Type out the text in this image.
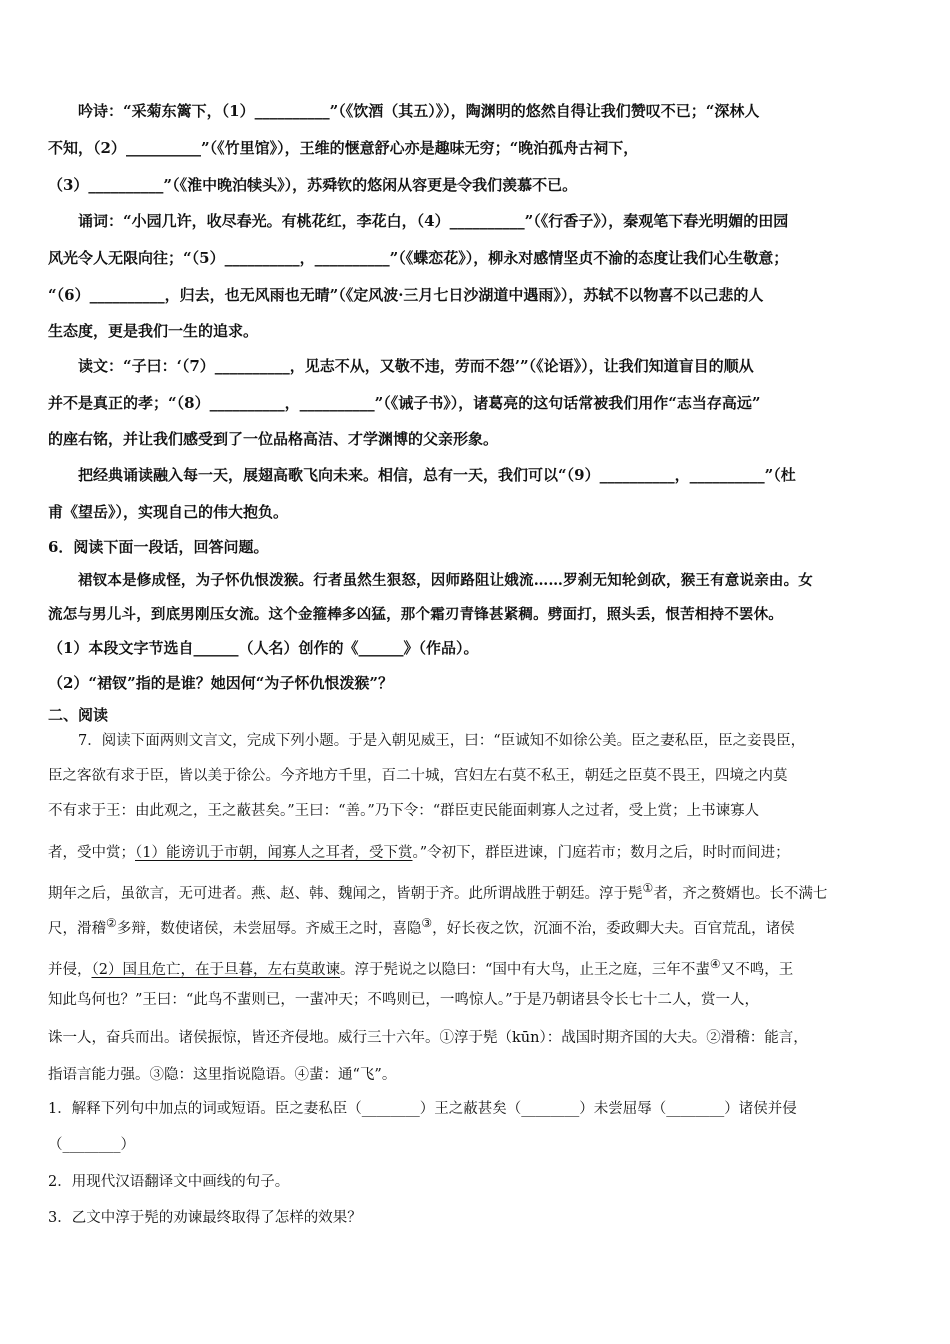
吟诗：“采菊东篱下，（1）__________”（《饮酒（其五）》），陶渊明的悠然自得让我们赞叹不已；“深林人
不知，（2）__________”（《竹里馆》），王维的惬意舒心亦是趣味无穷；“晚泊孤舟古祠下，
（3）__________”（《淮中晚泊犊头》），苏舜钦的悠闲从容更是令我们羡慕不已。
诵词：“小园几许，收尽春光。有桃花红，李花白，（4）__________”（《行香子》），秦观笔下春光明媚的田园
风光令人无限向往；“（5）__________，__________”（《蝶恋花》），柳永对感情坚贞不渝的态度让我们心生敬意；
“（6）__________，归去，也无风雨也无晴”（《定风波·三月七日沙湖道中遇雨》），苏轼不以物喜不以己悲的人
生态度，更是我们一生的追求。
读文：“子曰：‘（7）__________，见志不从，又敬不违，劳而不怨’”（《论语》），让我们知道盲目的顺从
并不是真正的孝；“（8）__________，__________”（《诫子书》），诸葛亮的这句话常被我们用作“志当存高远”
的座右铭，并让我们感受到了一位品格高洁、才学渊博的父亲形象。
把经典诵读融入每一天，展翅高歌飞向未来。相信，总有一天，我们可以“（9）__________，__________”（杜
甫《望岳》），实现自己的伟大抱负。
6．阅读下面一段话，回答问题。
裙钗本是修成怪，为子怀仇恨泼猴。行者虽然生狠怒，因师路阻让娥流……罗刹无知轮剑砍，猴王有意说亲由。女
流怎与男儿斗，到底男刚压女流。这个金箍棒多凶猛，那个霜刃青锋甚紧稠。劈面打，照头丢，恨苦相持不罢休。
（1）本段文字节选自______（人名）创作的《______》（作品）。
（2）“裙钗”指的是谁？她因何“为子怀仇恨泼猴”？
二、阅读
7．阅读下面两则文言文，完成下列小题。于是入朝见威王，曰：“臣诚知不如徐公美。臣之妻私臣，臣之妾畏臣，
臣之客欲有求于臣，皆以美于徐公。今齐地方千里，百二十城，宫妇左右莫不私王，朝廷之臣莫不畏王，四境之内莫
不有求于王：由此观之，王之蔽甚矣。”王曰：“善。”乃下令：“群臣吏民能面刺寡人之过者，受上赏；上书谏寡人
者，受中赏；（1）能谤讥于市朝，闻寡人之耳者，受下赏。”令初下，群臣进谏，门庭若市；数月之后，时时而间进；
期年之后，虽欲言，无可进者。燕、赵、韩、魏闻之，皆朝于齐。此所谓战胜于朝廷。淳于髡①者，齐之赘婿也。长不满七
尺，滑稽②多辩，数使诸侯，未尝屈辱。齐威王之时，喜隐③，好长夜之饮，沉湎不治，委政卿大夫。百官荒乱，诸侯
并侵，（2）国且危亡，在于旦暮，左右莫敢谏。淳于髡说之以隐曰：“国中有大鸟，止王之庭，三年不蜚④又不鸣，王
知此鸟何也？”王曰：“此鸟不蜚则已，一蜚冲天；不鸣则已，一鸣惊人。”于是乃朝诸县令长七十二人，赏一人，
诛一人，奋兵而出。诸侯振惊，皆还齐侵地。威行三十六年。①淳于髡（kūn）：战国时期齐国的大夫。②滑稽：能言，
指语言能力强。③隐：这里指说隐语。④蜚：通“飞”。
1．解释下列句中加点的词或短语。臣之妻私臣（________）王之蔽甚矣（________）未尝屈辱（________）诸侯并侵
（________）
2．用现代汉语翻译文中画线的句子。
3．乙文中淳于髡的劝谏最终取得了怎样的效果？
